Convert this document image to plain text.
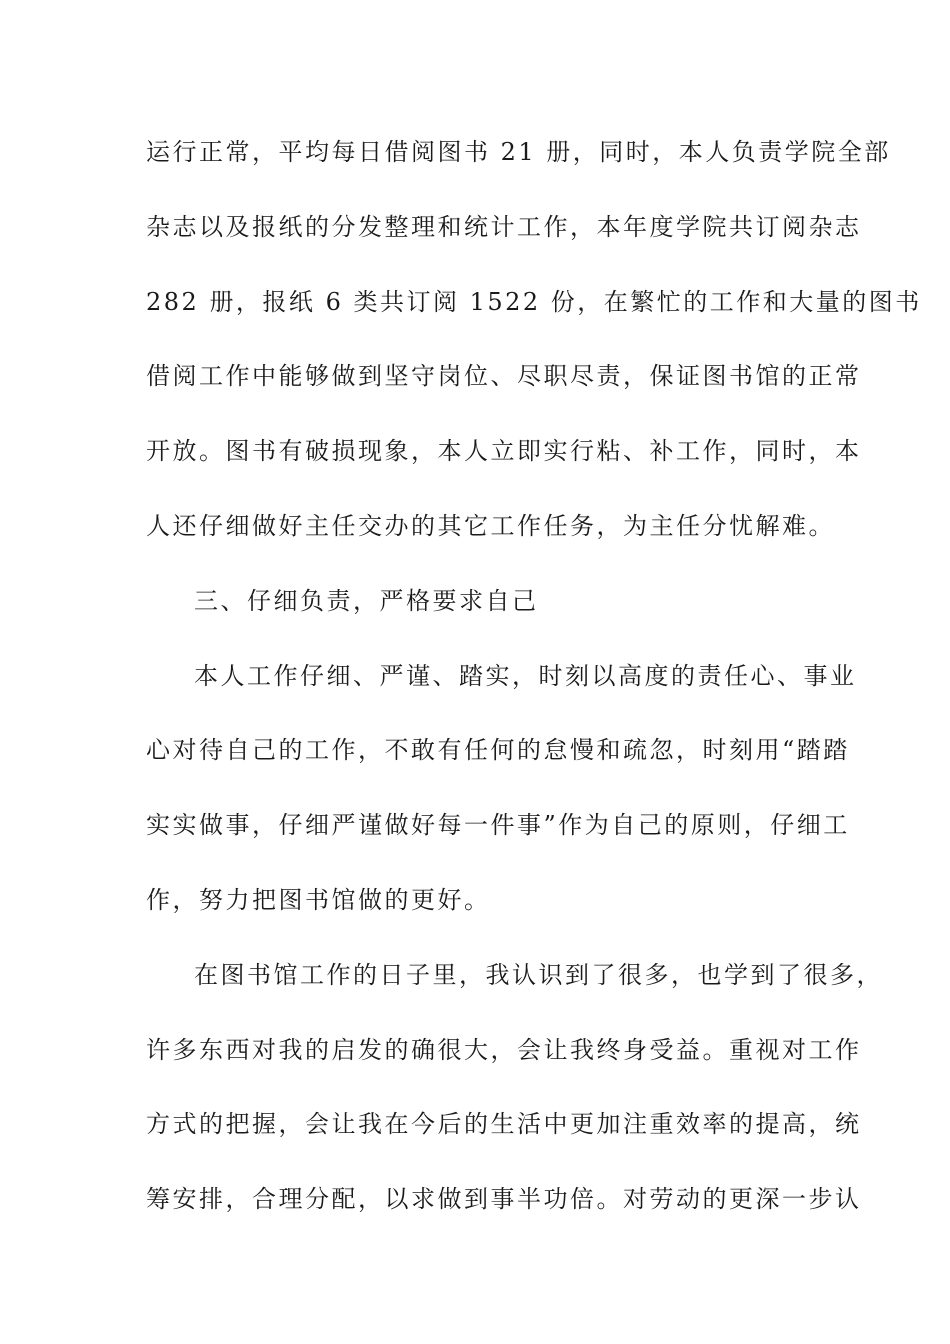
运行正常，平均每日借阅图书 21 册，同时，本人负责学院全部
杂志以及报纸的分发整理和统计工作，本年度学院共订阅杂志
282 册，报纸 6 类共订阅 1522 份，在繁忙的工作和大量的图书
借阅工作中能够做到坚守岗位、尽职尽责，保证图书馆的正常
开放。图书有破损现象，本人立即实行粘、补工作，同时，本
人还仔细做好主任交办的其它工作任务，为主任分忧解难。
三、仔细负责，严格要求自己
本人工作仔细、严谨、踏实，时刻以高度的责任心、事业
心对待自己的工作，不敢有任何的怠慢和疏忽，时刻用“踏踏
实实做事，仔细严谨做好每一件事”作为自己的原则，仔细工
作，努力把图书馆做的更好。
在图书馆工作的日子里，我认识到了很多，也学到了很多，
许多东西对我的启发的确很大，会让我终身受益。重视对工作
方式的把握，会让我在今后的生活中更加注重效率的提高，统
筹安排，合理分配，以求做到事半功倍。对劳动的更深一步认
